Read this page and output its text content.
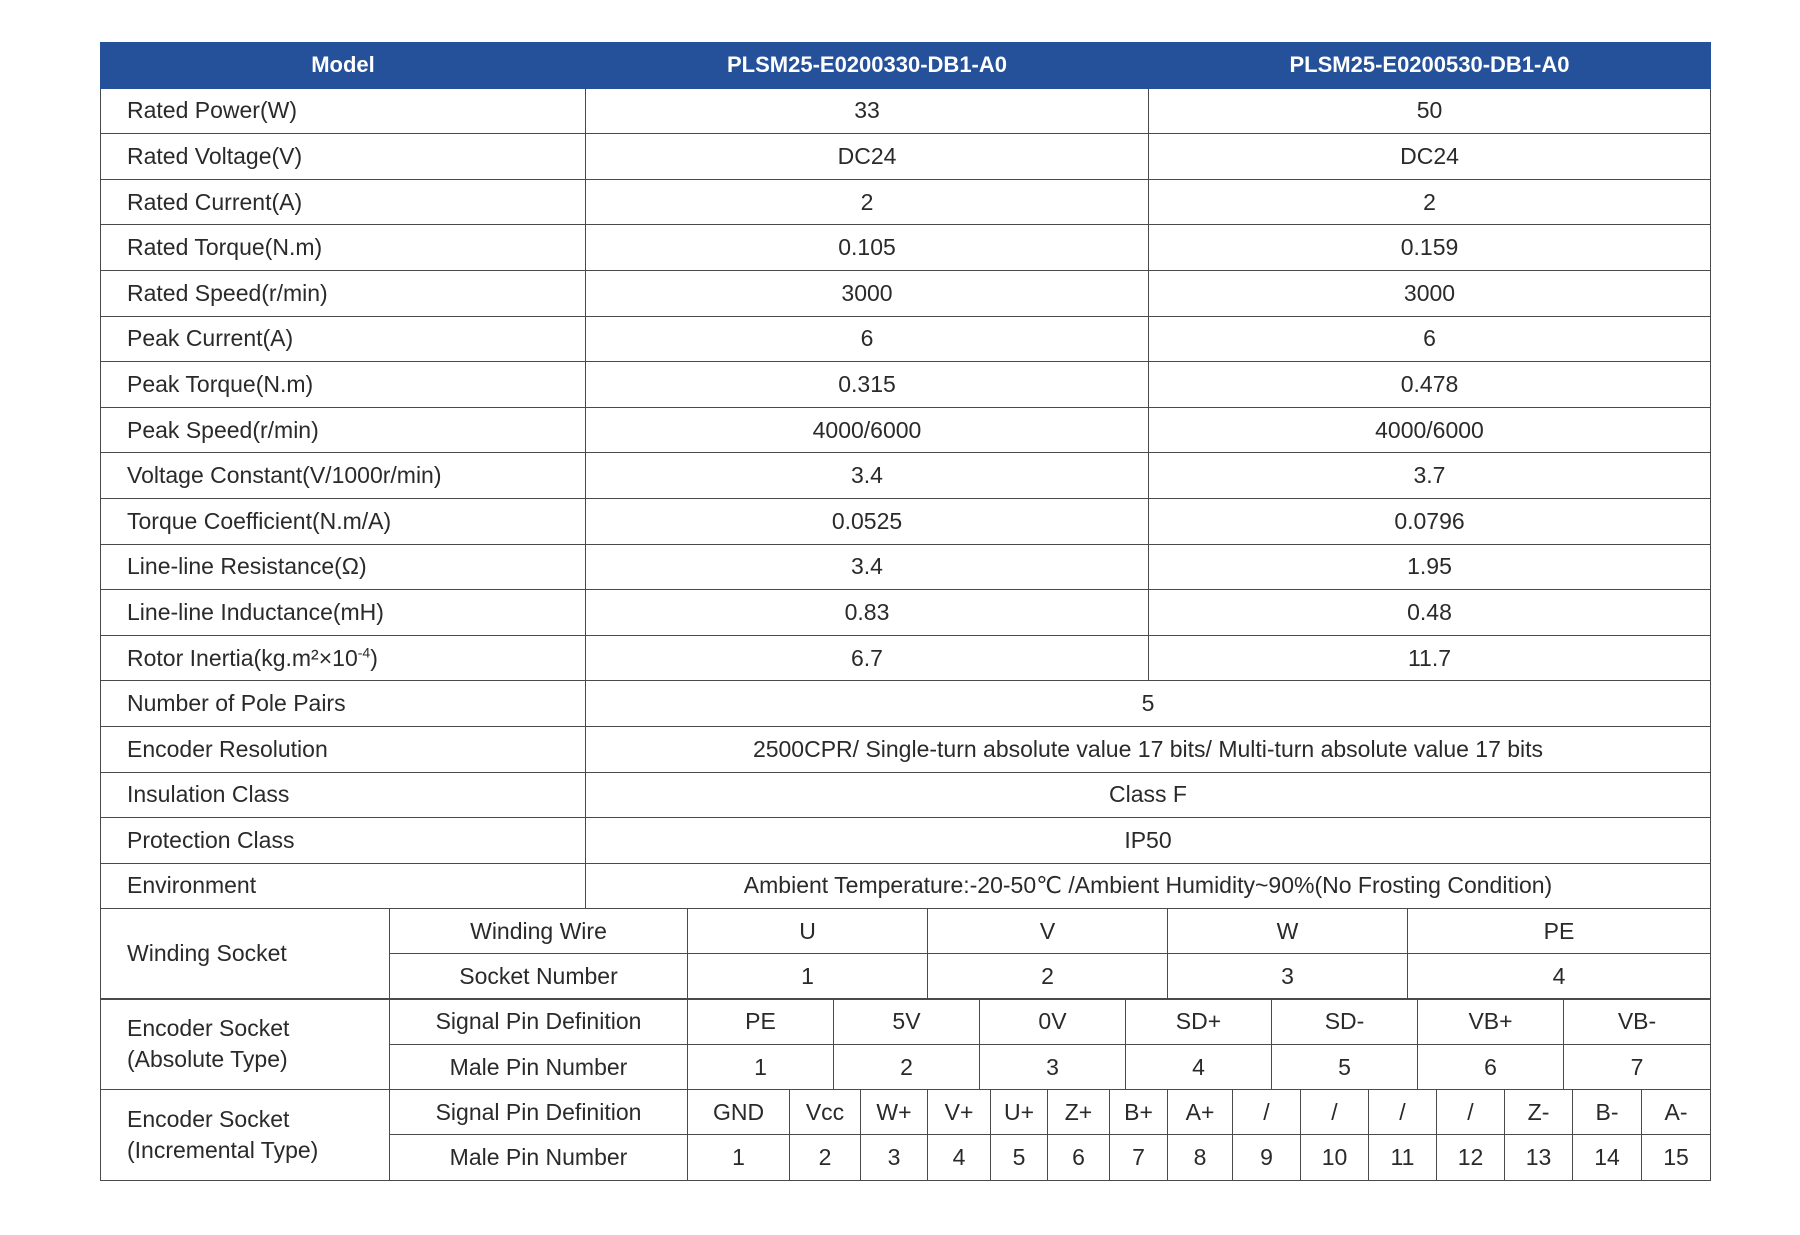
Model	PLSM25-E0200330-DB1-A0	PLSM25-E0200530-DB1-A0
Rated Power(W)	33	50
Rated Voltage(V)	DC24	DC24
Rated Current(A)	2	2
Rated Torque(N.m)	0.105	0.159
Rated Speed(r/min)	3000	3000
Peak Current(A)	6	6
Peak Torque(N.m)	0.315	0.478
Peak Speed(r/min)	4000/6000	4000/6000
Voltage Constant(V/1000r/min)	3.4	3.7
Torque Coefficient(N.m/A)	0.0525	0.0796
Line-line Resistance(Ω)	3.4	1.95
Line-line Inductance(mH)	0.83	0.48
Rotor $Inertia(kg.m^2\times 10^{-4})$	6.7	11.7
Number of Pole Pairs	5	
Encoder Resolution	2500CPR/ Single-turn absolute value 17 bits/ Multi-turn absolute value 17 bits	
Insulation Class	Class F	
Protection Class	IP50	
Environment	Ambient Temperature:-20-50℃ /Ambient Humidity~90%(No Frosting Condition)	
Winding Socket	Winding Wire	U	V	W	PE
	Socket Number	1	2	3	4
Encoder Socket
(Absolute Type)	Signal Pin Definition	PE	5V	0V	SD+	SD-	VB+	VB-
	Male Pin Number	1	2	3	4	5	6	7
Encoder Socket
(Incremental Type)	Signal Pin Definition	GND	Vcc	W+	V+	U+	Z+	B+	A+	/	/	/	/	Z-	B-	A-
	Male Pin Number	1	2	3	4	5	6	7	8	9	10	11	12	13	14	15
